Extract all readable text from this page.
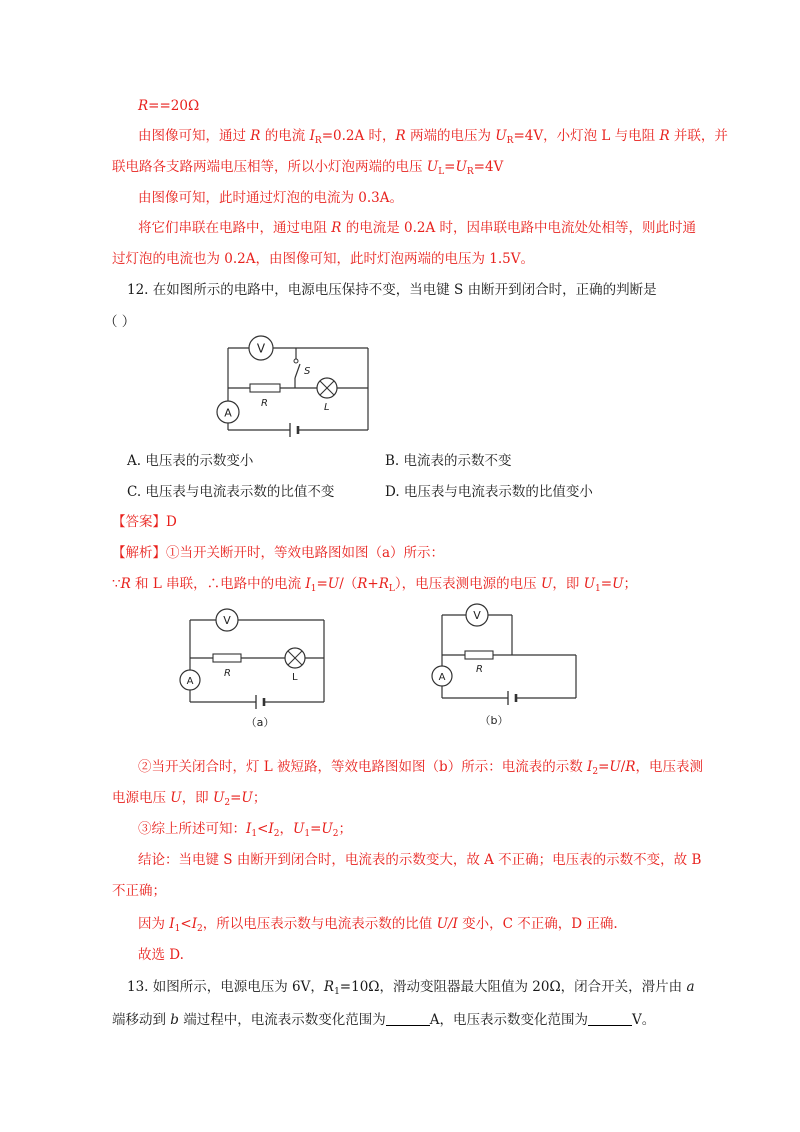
R==20Ω
由图像可知，通过 R 的电流 $I_R=0.2A$ 时，R 两端的电压为 $U_R=4V$，小灯泡 L 与电阻 R 并联，并
联电路各支路两端电压相等，所以小灯泡两端的电压 $U_L=U_R=4V$
由图像可知，此时通过灯泡的电流为 0.3A。
将它们串联在电路中，通过电阻 R 的电流是 0.2A 时，因串联电路中电流处处相等，则此时通
过灯泡的电流也为 0.2A，由图像可知，此时灯泡两端的电压为 1.5V。
12. 在如图所示的电路中，电源电压保持不变，当电键 S 由断开到闭合时，正确的判断是
（ ）
V
S
R	L
A
A. 电压表的示数变小	B. 电流表的示数不变
C. 电压表与电流表示数的比值不变	D. 电压表与电流表示数的比值变小
【答案】D
【解析】①当开关断开时，等效电路图如图（a）所示：
∵R 和 L 串联，∴电路中的电流 $I_1=U/(R+R_L)$，电压表测电源的电压 U，即 $U_1=U$；
V
R	L
A
（a）
V
R
A
（b）
②当开关闭合时，灯 L 被短路，等效电路图如图（b）所示：电流表的示数 $I_2=U/R$，电压表测
电源电压 U，即 $U_2=U$；
③综上所述可知：$I_1<I_2$，$U_1=U_2$；
结论：当电键 S 由断开到闭合时，电流表的示数变大，故 A 不正确；电压表的示数不变，故 B
不正确；
因为 $I_1<I_2$，所以电压表示数与电流表示数的比值 U/I 变小，C 不正确，D 正确.
故选 D.
13. 如图所示，电源电压为 6V，$R_1=10\Omega$，滑动变阻器最大阻值为 20Ω，闭合开关，滑片由 a
端移动到 b 端过程中，电流表示数变化范围为	A，电压表示数变化范围为	V。
